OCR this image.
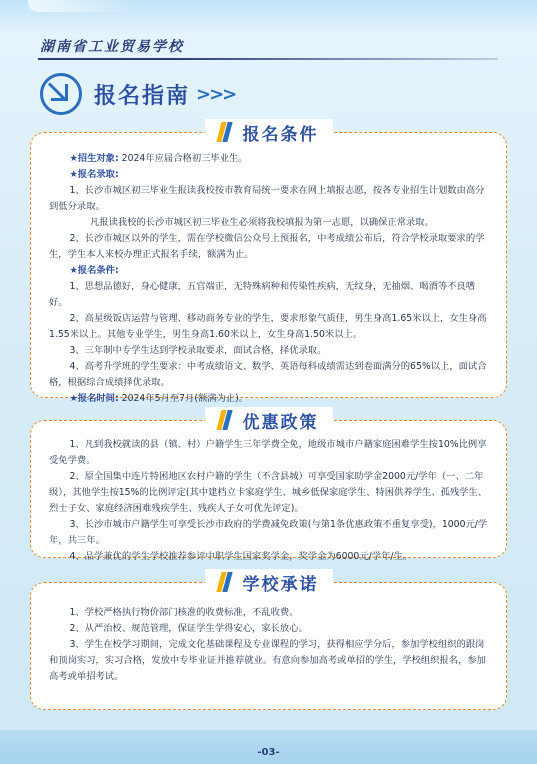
湖南省工业贸易学校
报名指南 >>>
报名条件

★招生对象: 2024年应届合格初三毕业生。

★报名录取:

1、长沙市城区初三毕业生报读我校按市教育局统一要求在网上填报志愿，按各专业招生计划数由高分到低分录取。

凡报读我校的长沙市城区初三毕业生必须将我校填报为第一志愿，以确保正常录取。

2、长沙市城区以外的学生，需在学校微信公众号上预报名，中考成绩公布后，符合学校录取要求的学生，学生本人来校办理正式报名手续，额满为止。

★报名条件:

1、思想品德好，身心健康，五官端正，无特殊病种和传染性疾病，无纹身，无抽烟、喝酒等不良嗜好。

2、高星级饭店运营与管理、移动商务专业的学生，要求形象气质佳，男生身高1.65米以上，女生身高1.55米以上。其他专业学生，男生身高1.60米以上，女生身高1.50米以上。

3、三年制中专学生达到学校录取要求，面试合格，择优录取。

4、高考升学班的学生要求：中考成绩语文、数学、英语每科成绩需达到卷面满分的65%以上，面试合格，根据综合成绩择优录取。

★报名时间: 2024年5月至7月(额满为止)。

优惠政策

1、凡到我校就读的县（镇、村）户籍学生三年学费全免，地级市城市户籍家庭困难学生按10%比例享受免学费。

2、原全国集中连片特困地区农村户籍的学生（不含县城）可享受国家助学金2000元/学年（一、二年级），其他学生按15%的比例评定(其中建档立卡家庭学生、城乡低保家庭学生、特困供养学生、孤残学生、烈士子女、家庭经济困难残疾学生、残疾人子女可优先评定)。

3、长沙市城市户籍学生可享受长沙市政府的学费减免政策(与第1条优惠政策不重复享受)，1000元/学年，共三年。

4、品学兼优的学生学校推荐参评中职学生国家奖学金，奖学金为6000元/学年/生。

学校承诺

1、学校严格执行物价部门核准的收费标准，不乱收费。

2、从严治校、规范管理，保证学生学得安心，家长放心。

3、学生在校学习期间，完成文化基础课程及专业课程的学习，获得相应学分后，参加学校组织的跟岗和顶岗实习，实习合格，发放中专毕业证并推荐就业。有意向参加高考或单招的学生，学校组织报名，参加高考或单招考试。

-03-
